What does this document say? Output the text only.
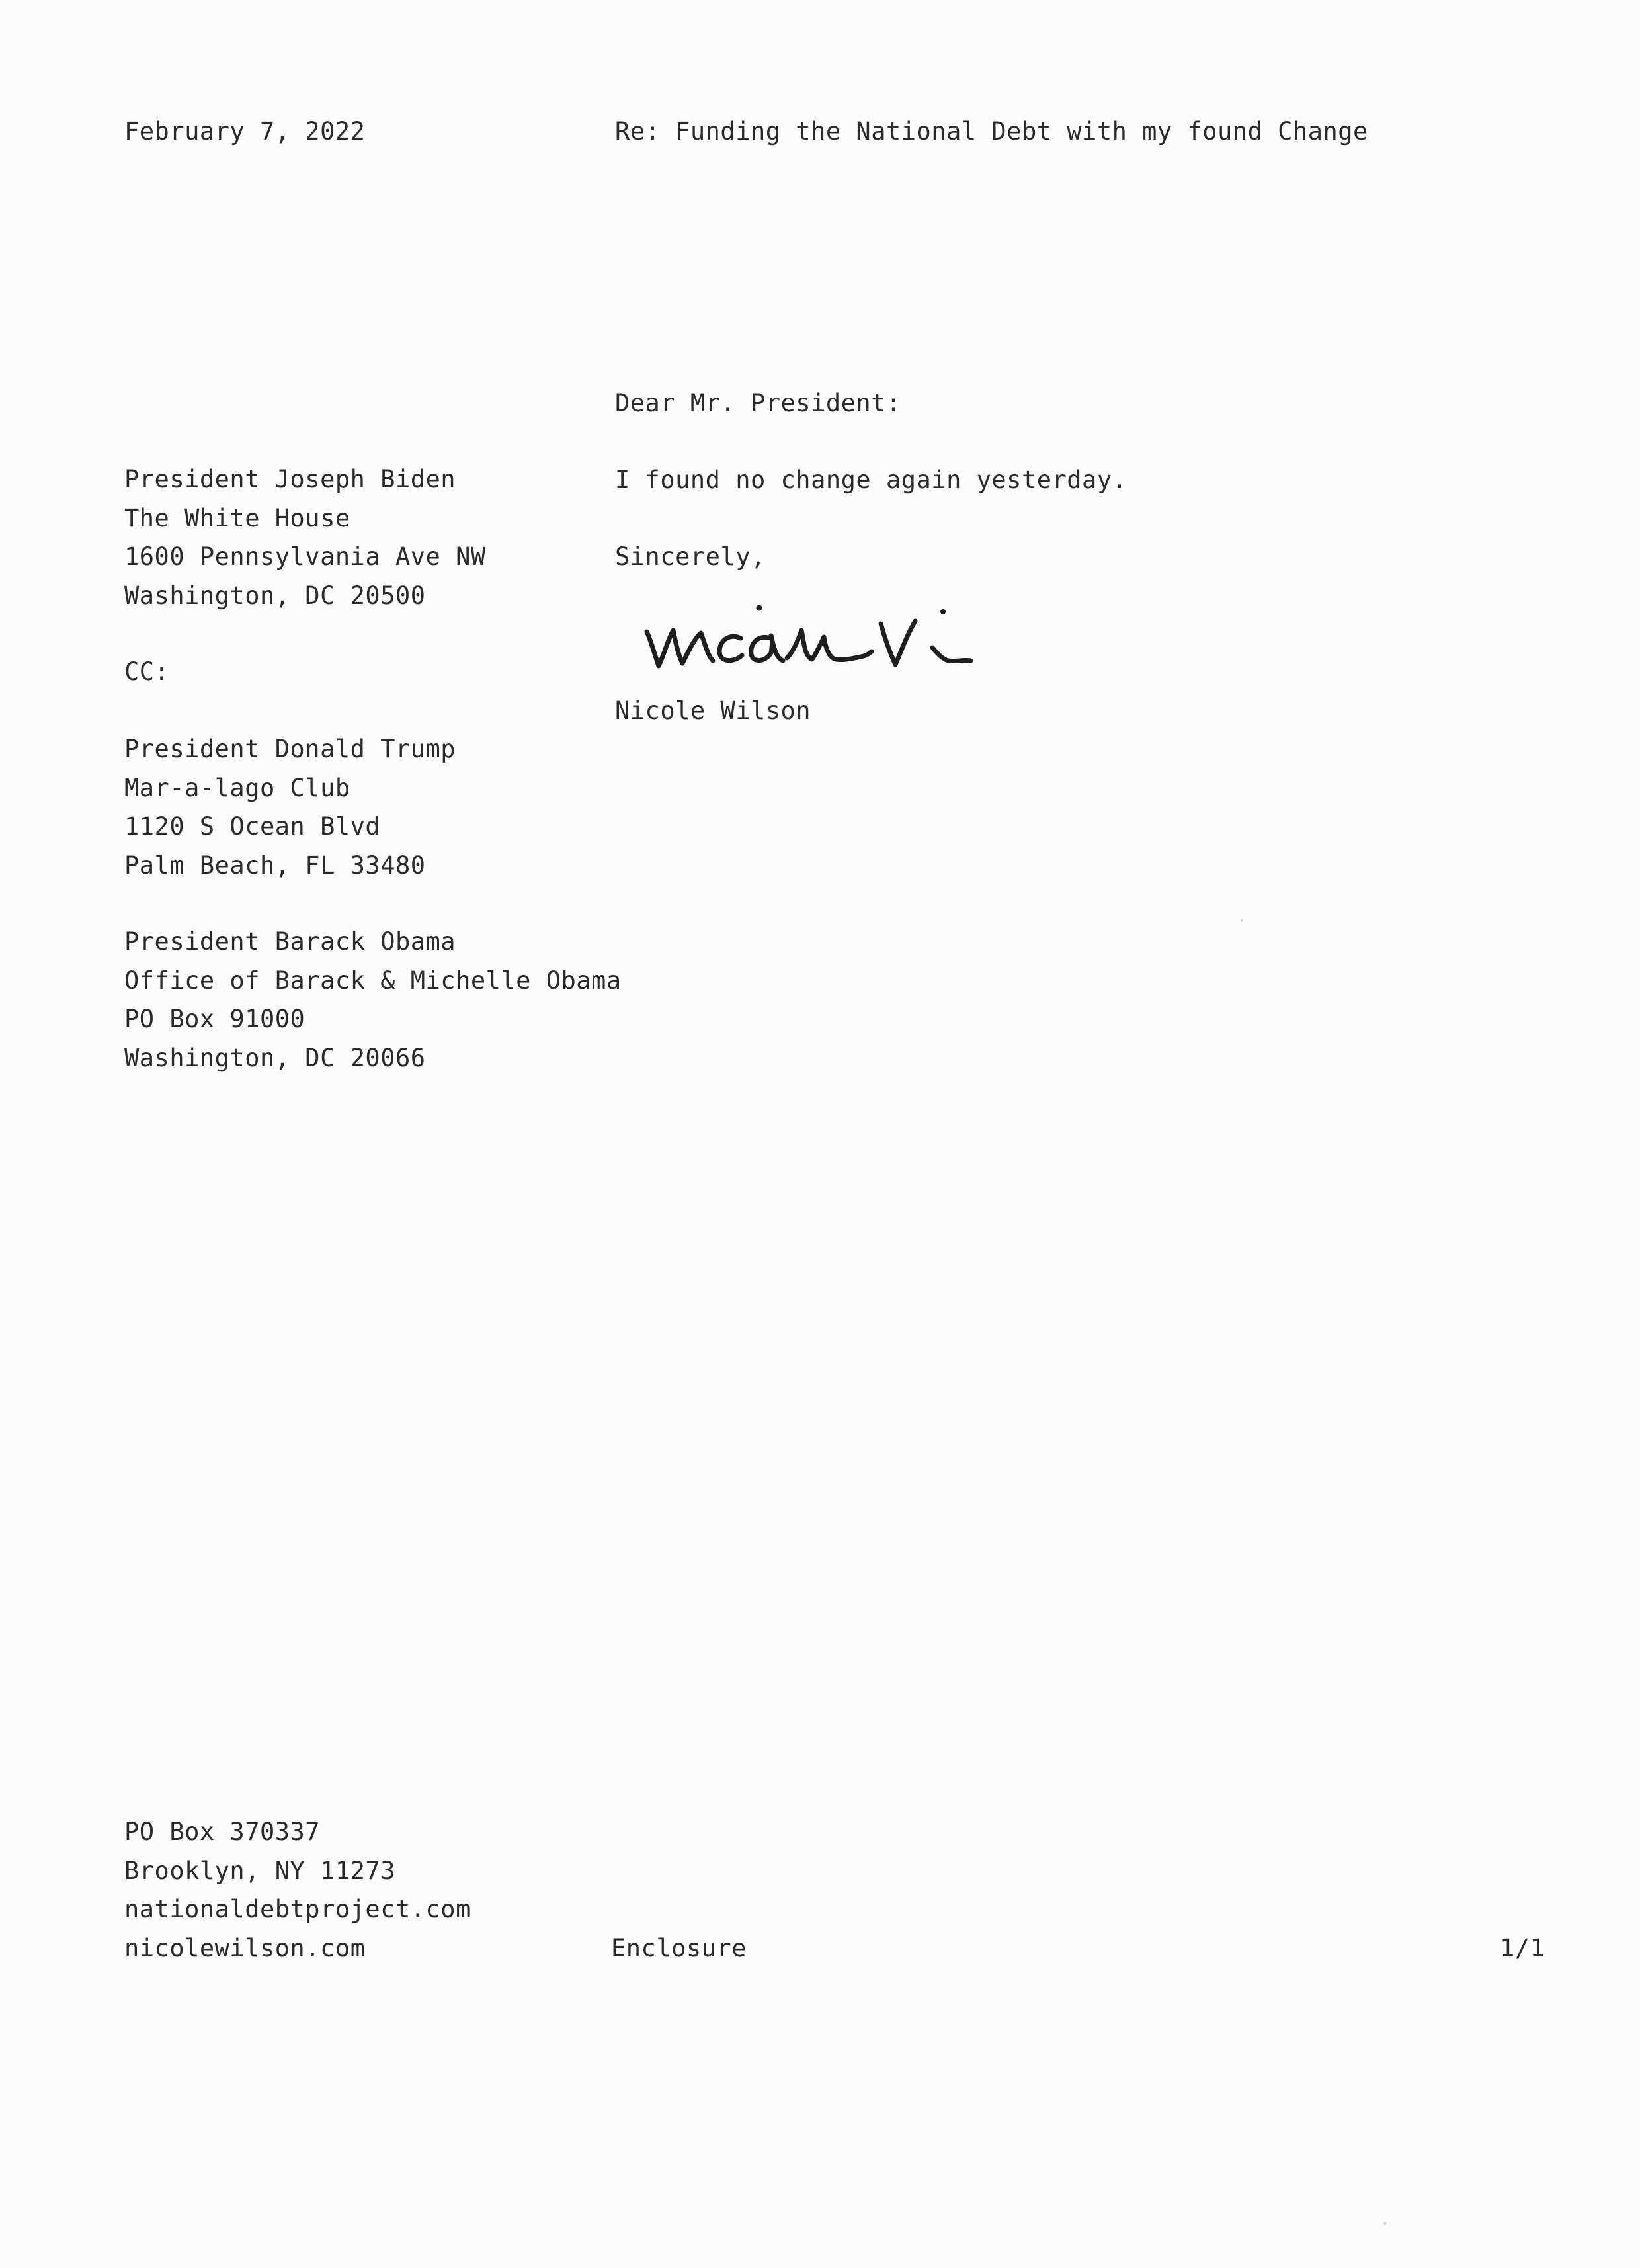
February 7, 2022	Re: Funding the National Debt with my found Change
Dear Mr. President:
President Joseph Biden
The White House
1600 Pennsylvania Ave NW
Washington, DC 20500
I found no change again yesterday.
Sincerely,
CC:
Nicole Wilson
President Donald Trump
Mar-a-lago Club
1120 S Ocean Blvd
Palm Beach, FL 33480
President Barack Obama
Office of Barack & Michelle Obama
PO Box 91000
Washington, DC 20066
PO Box 370337
Brooklyn, NY 11273
nationaldebtproject.com
nicolewilson.com	Enclosure	1/1
